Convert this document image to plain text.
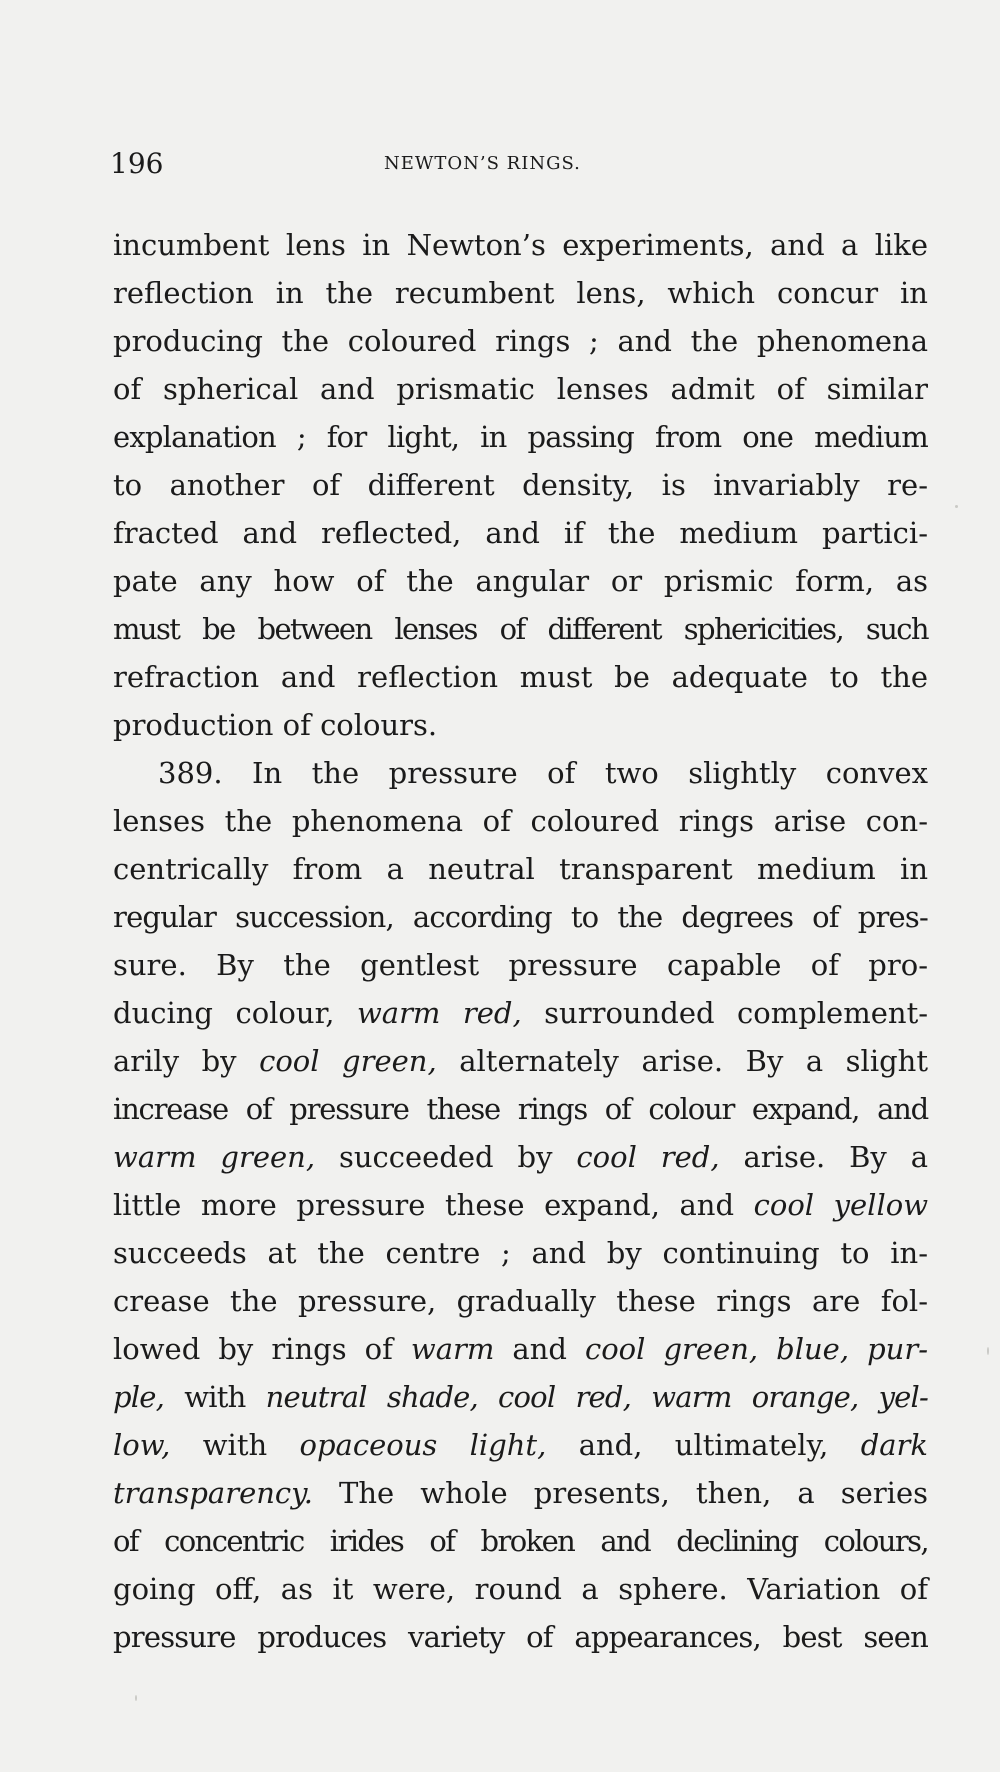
196	NEWTON’S RINGS.
incumbent lens in Newton’s experiments, and a like
reflection in the recumbent lens, which concur in
producing the coloured rings ; and the phenomena
of spherical and prismatic lenses admit of similar
explanation ; for light, in passing from one medium
to another of different density, is invariably re-
fracted and reflected, and if the medium partici-
pate any how of the angular or prismic form, as
must be between lenses of different sphericities, such
refraction and reflection must be adequate to the
production of colours.
389. In the pressure of two slightly convex
lenses the phenomena of coloured rings arise con-
centrically from a neutral transparent medium in
regular succession, according to the degrees of pres-
sure. By the gentlest pressure capable of pro-
ducing colour, warm red, surrounded complement-
arily by cool green, alternately arise. By a slight
increase of pressure these rings of colour expand, and
warm green, succeeded by cool red, arise. By a
little more pressure these expand, and cool yellow
succeeds at the centre ; and by continuing to in-
crease the pressure, gradually these rings are fol-
lowed by rings of warm and cool green, blue, pur-
ple, with neutral shade, cool red, warm orange, yel-
low, with opaceous light, and, ultimately, dark
transparency. The whole presents, then, a series
of concentric irides of broken and declining colours,
going off, as it were, round a sphere. Variation of
pressure produces variety of appearances, best seen
